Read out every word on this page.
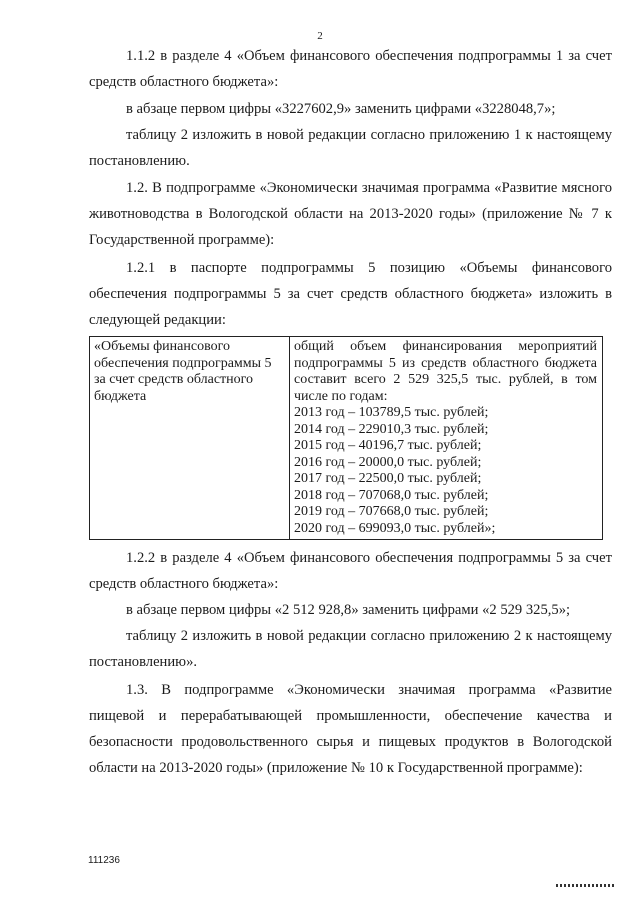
2

1.1.2 в разделе 4 «Объем финансового обеспечения подпрограммы 1 за счет средств областного бюджета»:

в абзаце первом цифры «3227602,9» заменить цифрами «3228048,7»;

таблицу 2 изложить в новой редакции согласно приложению 1 к настоящему постановлению.

1.2. В подпрограмме «Экономически значимая программа «Развитие мясного животноводства в Вологодской области на 2013-2020 годы» (приложение № 7 к Государственной программе):

1.2.1 в паспорте подпрограммы 5 позицию «Объемы финансового обеспечения подпрограммы 5 за счет средств областного бюджета» изложить в следующей редакции:

«Объемы финансового обеспечения подпрограммы 5 за счет средств областного бюджета	общий объем финансирования мероприятий подпрограммы 5 из средств областного бюджета составит всего 2 529 325,5 тыс. рублей, в том числе по годам:
2013 год – 103789,5 тыс. рублей;
2014 год – 229010,3 тыс. рублей;
2015 год – 40196,7 тыс. рублей;
2016 год – 20000,0 тыс. рублей;
2017 год – 22500,0 тыс. рублей;
2018 год – 707068,0 тыс. рублей;
2019 год – 707668,0 тыс. рублей;
2020 год – 699093,0 тыс. рублей»;

1.2.2 в разделе 4 «Объем финансового обеспечения подпрограммы 5 за счет средств областного бюджета»:

в абзаце первом цифры «2 512 928,8» заменить цифрами «2 529 325,5»;

таблицу 2 изложить в новой редакции согласно приложению 2 к настоящему постановлению».

1.3. В подпрограмме «Экономически значимая программа «Развитие пищевой и перерабатывающей промышленности, обеспечение качества и безопасности продовольственного сырья и пищевых продуктов в Вологодской области на 2013-2020 годы» (приложение № 10 к Государственной программе):

111236
